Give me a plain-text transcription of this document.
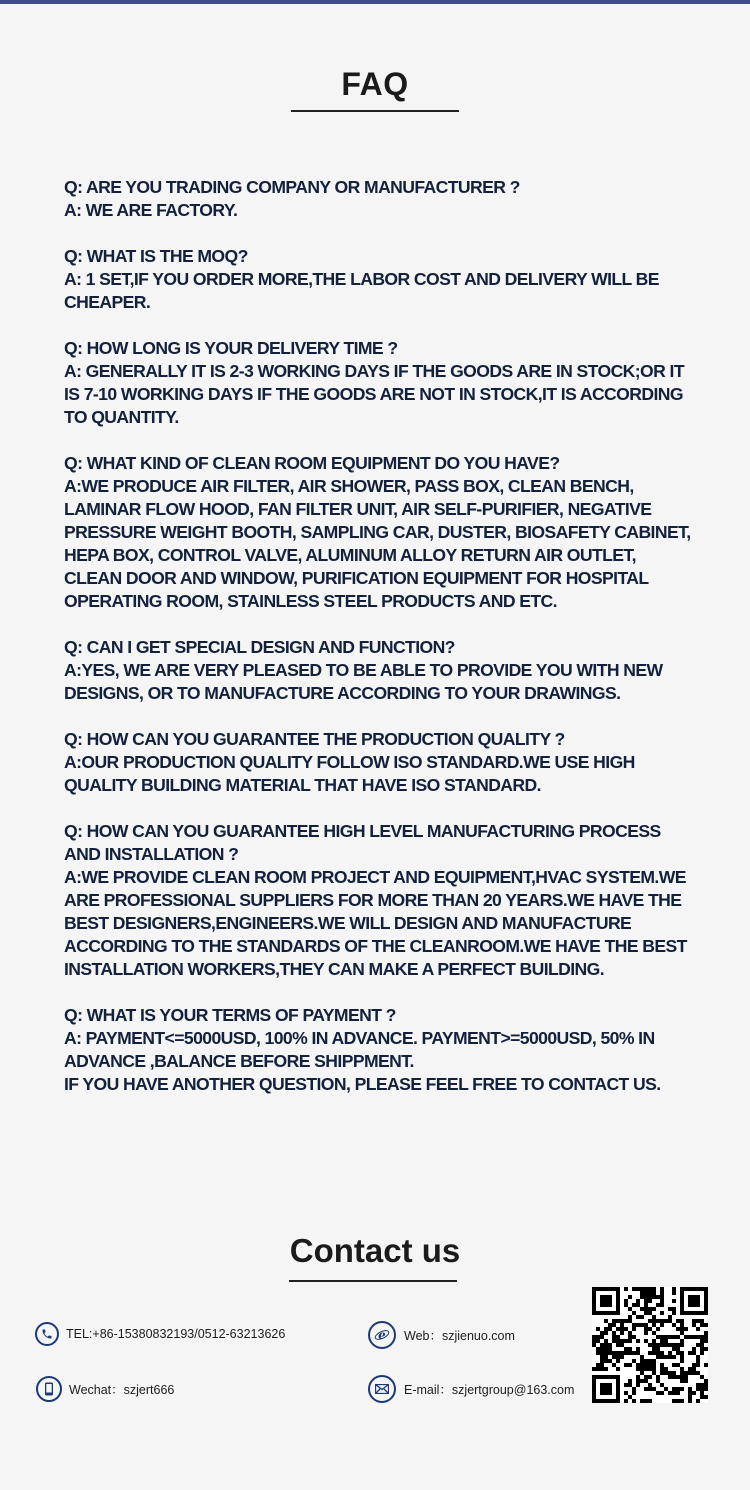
FAQ

Q: ARE YOU TRADING COMPANY OR MANUFACTURER ?

A: WE ARE FACTORY.

Q: WHAT IS THE MOQ?

A: 1 SET,IF YOU ORDER MORE,THE LABOR COST AND DELIVERY WILL BE CHEAPER.

Q: HOW LONG IS YOUR DELIVERY TIME ?

A: GENERALLY IT IS 2-3 WORKING DAYS IF THE GOODS ARE IN STOCK;OR IT IS 7-10 WORKING DAYS IF THE GOODS ARE NOT IN STOCK,IT IS ACCORDING TO QUANTITY.

Q: WHAT KIND OF CLEAN ROOM EQUIPMENT DO YOU HAVE?

A:WE PRODUCE AIR FILTER, AIR SHOWER, PASS BOX, CLEAN BENCH, LAMINAR FLOW HOOD, FAN FILTER UNIT, AIR SELF-PURIFIER, NEGATIVE PRESSURE WEIGHT BOOTH, SAMPLING CAR, DUSTER, BIOSAFETY CABINET, HEPA BOX, CONTROL VALVE, ALUMINUM ALLOY RETURN AIR OUTLET, CLEAN DOOR AND WINDOW, PURIFICATION EQUIPMENT FOR HOSPITAL OPERATING ROOM, STAINLESS STEEL PRODUCTS AND ETC.

Q: CAN I GET SPECIAL DESIGN AND FUNCTION?

A:YES, WE ARE VERY PLEASED TO BE ABLE TO PROVIDE YOU WITH NEW DESIGNS, OR TO MANUFACTURE ACCORDING TO YOUR DRAWINGS.

Q: HOW CAN YOU GUARANTEE THE PRODUCTION QUALITY ?

A:OUR PRODUCTION QUALITY FOLLOW ISO STANDARD.WE USE HIGH QUALITY BUILDING MATERIAL THAT HAVE ISO STANDARD.

Q: HOW CAN YOU GUARANTEE HIGH LEVEL MANUFACTURING PROCESS AND INSTALLATION ?

A:WE PROVIDE CLEAN ROOM PROJECT AND EQUIPMENT,HVAC SYSTEM.WE ARE PROFESSIONAL SUPPLIERS FOR MORE THAN 20 YEARS.WE HAVE THE BEST DESIGNERS,ENGINEERS.WE WILL DESIGN AND MANUFACTURE ACCORDING TO THE STANDARDS OF THE CLEANROOM.WE HAVE THE BEST INSTALLATION WORKERS,THEY CAN MAKE A PERFECT BUILDING.

Q: WHAT IS YOUR TERMS OF PAYMENT ?

A: PAYMENT<=5000USD, 100% IN ADVANCE. PAYMENT>=5000USD, 50% IN ADVANCE ,BALANCE BEFORE SHIPPMENT.

IF YOU HAVE ANOTHER QUESTION, PLEASE FEEL FREE TO CONTACT US.

Contact us
TEL:+86-15380832193/0512-63213626	e Web：szjienuo.com
Wechat：szjert666	E-mail：szjertgroup@163.com
